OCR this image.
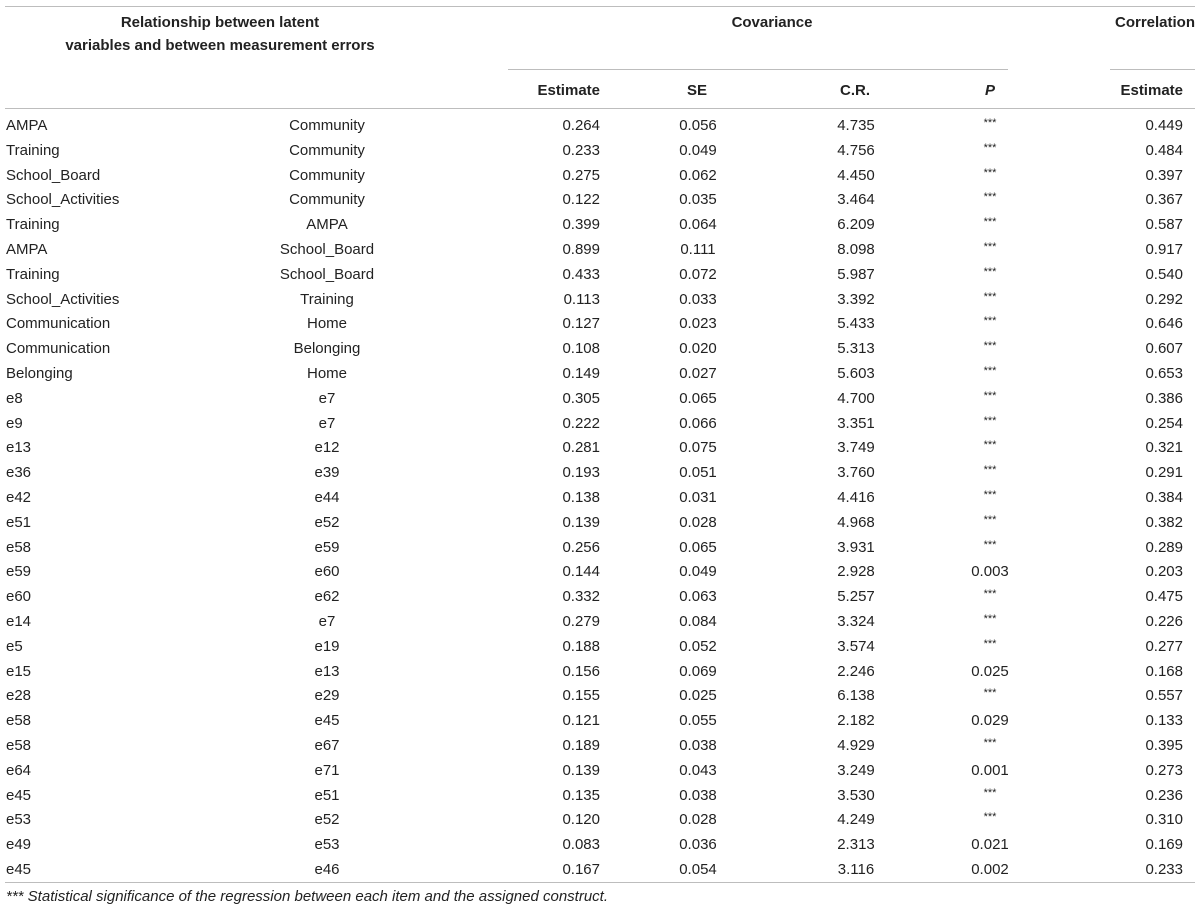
Relationship between latent
variables and between measurement errors
Covariance	Correlation
Estimate	SE	C.R.	P	Estimate
AMPA	Community	0.264	0.056	4.735	***	0.449
Training	Community	0.233	0.049	4.756	***	0.484
School_Board	Community	0.275	0.062	4.450	***	0.397
School_Activities	Community	0.122	0.035	3.464	***	0.367
Training	AMPA	0.399	0.064	6.209	***	0.587
AMPA	School_Board	0.899	0.111	8.098	***	0.917
Training	School_Board	0.433	0.072	5.987	***	0.540
School_Activities	Training	0.113	0.033	3.392	***	0.292
Communication	Home	0.127	0.023	5.433	***	0.646
Communication	Belonging	0.108	0.020	5.313	***	0.607
Belonging	Home	0.149	0.027	5.603	***	0.653
e8	e7	0.305	0.065	4.700	***	0.386
e9	e7	0.222	0.066	3.351	***	0.254
e13	e12	0.281	0.075	3.749	***	0.321
e36	e39	0.193	0.051	3.760	***	0.291
e42	e44	0.138	0.031	4.416	***	0.384
e51	e52	0.139	0.028	4.968	***	0.382
e58	e59	0.256	0.065	3.931	***	0.289
e59	e60	0.144	0.049	2.928	0.003	0.203
e60	e62	0.332	0.063	5.257	***	0.475
e14	e7	0.279	0.084	3.324	***	0.226
e5	e19	0.188	0.052	3.574	***	0.277
e15	e13	0.156	0.069	2.246	0.025	0.168
e28	e29	0.155	0.025	6.138	***	0.557
e58	e45	0.121	0.055	2.182	0.029	0.133
e58	e67	0.189	0.038	4.929	***	0.395
e64	e71	0.139	0.043	3.249	0.001	0.273
e45	e51	0.135	0.038	3.530	***	0.236
e53	e52	0.120	0.028	4.249	***	0.310
e49	e53	0.083	0.036	2.313	0.021	0.169
e45	e46	0.167	0.054	3.116	0.002	0.233
*** Statistical significance of the regression between each item and the assigned construct.
